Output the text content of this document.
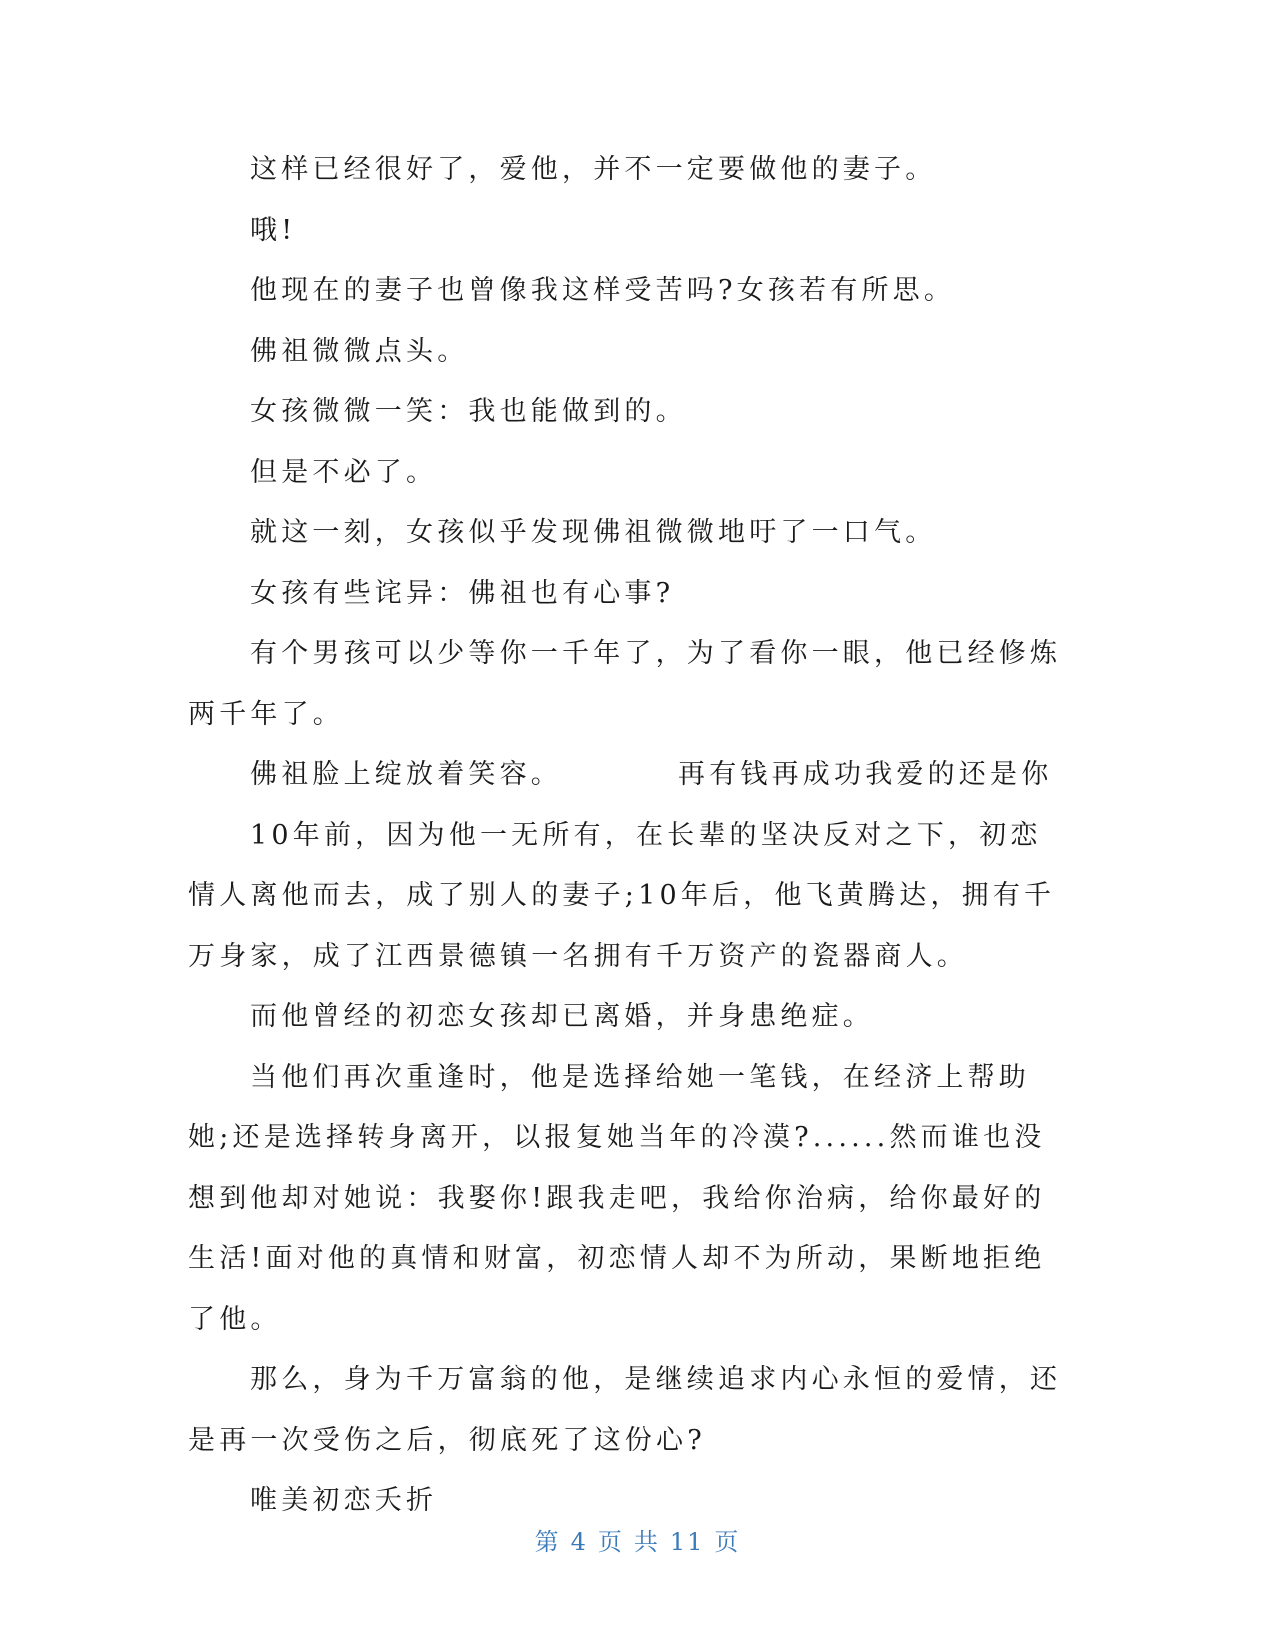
这样已经很好了，爱他，并不一定要做他的妻子。

哦!

他现在的妻子也曾像我这样受苦吗?女孩若有所思。

佛祖微微点头。

女孩微微一笑：我也能做到的。

但是不必了。

就这一刻，女孩似乎发现佛祖微微地吁了一口气。

女孩有些诧异：佛祖也有心事?

有个男孩可以少等你一千年了，为了看你一眼，他已经修炼两千年了。

佛祖脸上绽放着笑容。	再有钱再成功我爱的还是你

10年前，因为他一无所有，在长辈的坚决反对之下，初恋情人离他而去，成了别人的妻子;10年后，他飞黄腾达，拥有千万身家，成了江西景德镇一名拥有千万资产的瓷器商人。

而他曾经的初恋女孩却已离婚，并身患绝症。

当他们再次重逢时，他是选择给她一笔钱，在经济上帮助她;还是选择转身离开，以报复她当年的冷漠?......然而谁也没想到他却对她说：我娶你!跟我走吧，我给你治病，给你最好的生活!面对他的真情和财富，初恋情人却不为所动，果断地拒绝了他。

那么，身为千万富翁的他，是继续追求内心永恒的爱情，还是再一次受伤之后，彻底死了这份心?

唯美初恋夭折

第 4 页 共 11 页
